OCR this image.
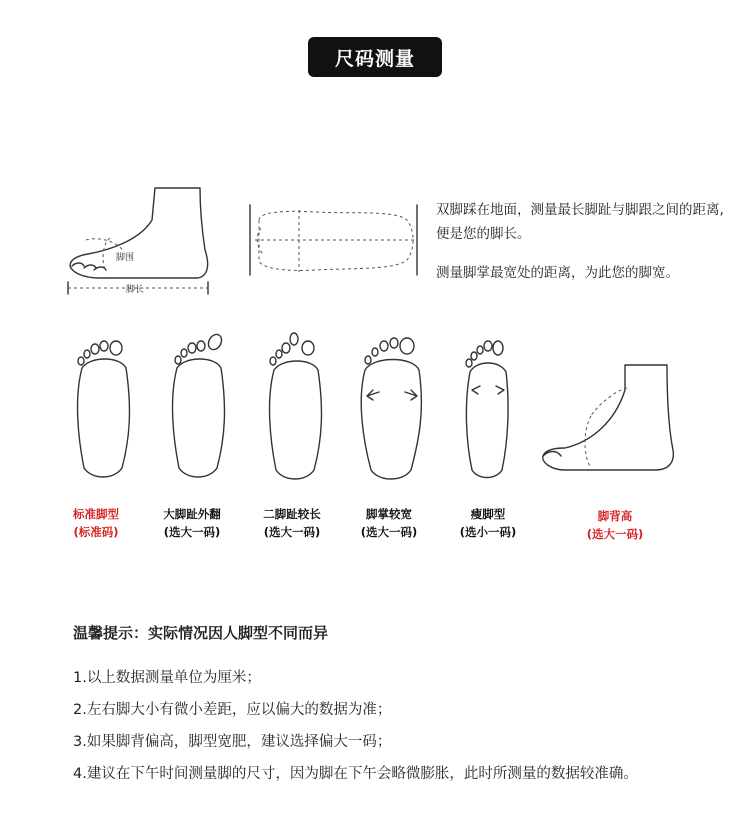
尺码测量
脚围
脚长
双脚踩在地面，测量最长脚趾与脚跟之间的距离,便是您的脚长。
测量脚掌最宽处的距离，为此您的脚宽。
标准脚型
(标准码)
大脚趾外翻
(选大一码)
二脚趾较长
(选大一码)
脚掌较宽
(选大一码)
瘦脚型
(选小一码)
脚背高
(选大一码)
温馨提示：实际情况因人脚型不同而异
1.以上数据测量单位为厘米；
2.左右脚大小有微小差距，应以偏大的数据为准；
3.如果脚背偏高，脚型宽肥，建议选择偏大一码；
4.建议在下午时间测量脚的尺寸，因为脚在下午会略微膨胀，此时所测量的数据较准确。
